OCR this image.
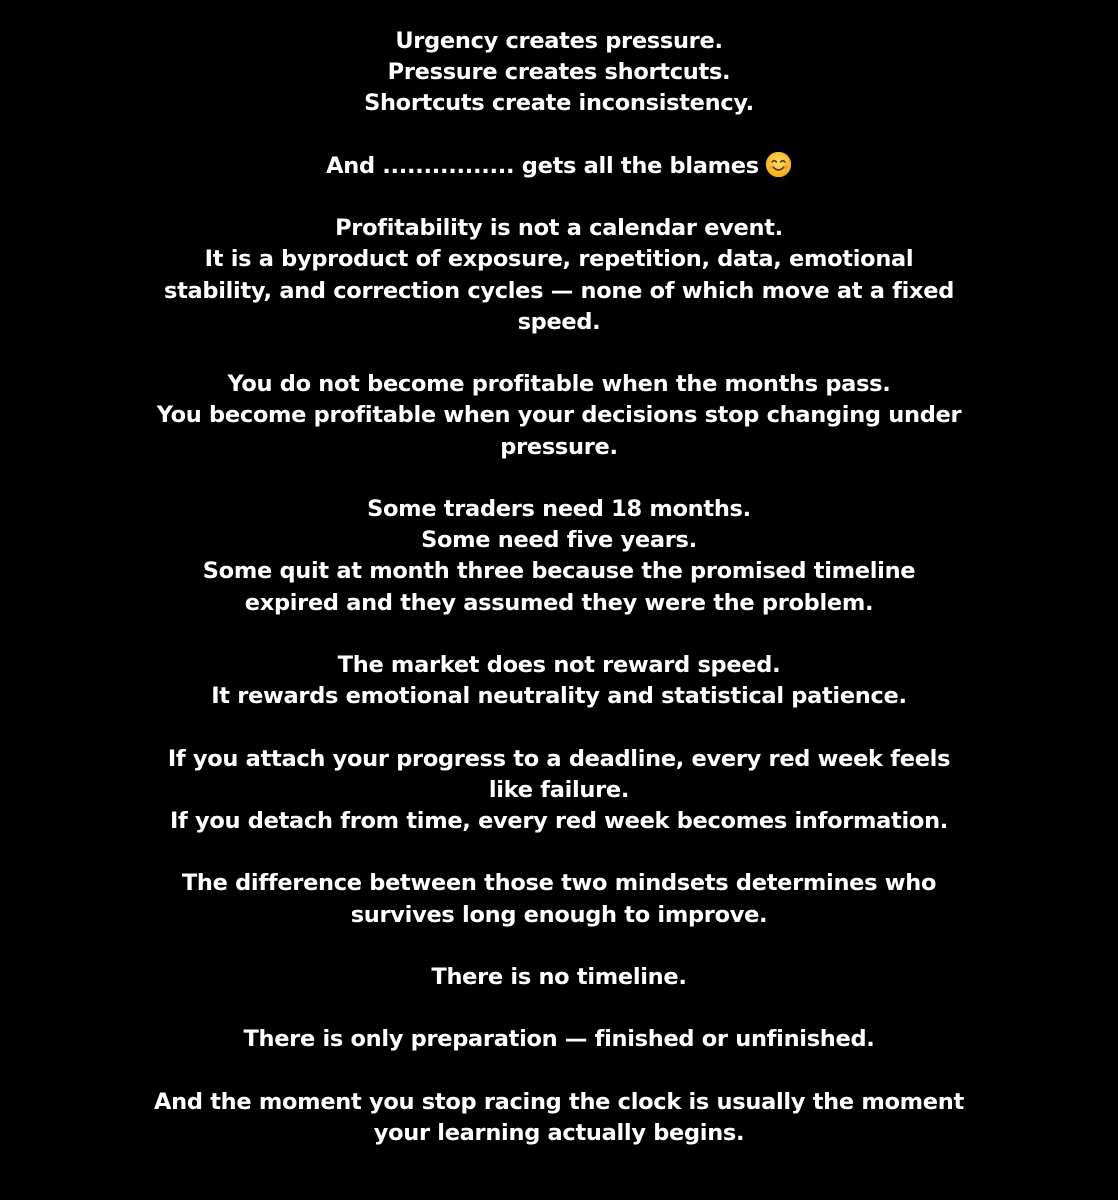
Urgency creates pressure.
Pressure creates shortcuts.
Shortcuts create inconsistency.

And ................ gets all the blames

Profitability is not a calendar event.
It is a byproduct of exposure, repetition, data, emotional
stability, and correction cycles — none of which move at a fixed
speed.

You do not become profitable when the months pass.
You become profitable when your decisions stop changing under
pressure.

Some traders need 18 months.
Some need five years.
Some quit at month three because the promised timeline
expired and they assumed they were the problem.

The market does not reward speed.
It rewards emotional neutrality and statistical patience.

If you attach your progress to a deadline, every red week feels
like failure.
If you detach from time, every red week becomes information.

The difference between those two mindsets determines who
survives long enough to improve.

There is no timeline.

There is only preparation — finished or unfinished.

And the moment you stop racing the clock is usually the moment
your learning actually begins.
